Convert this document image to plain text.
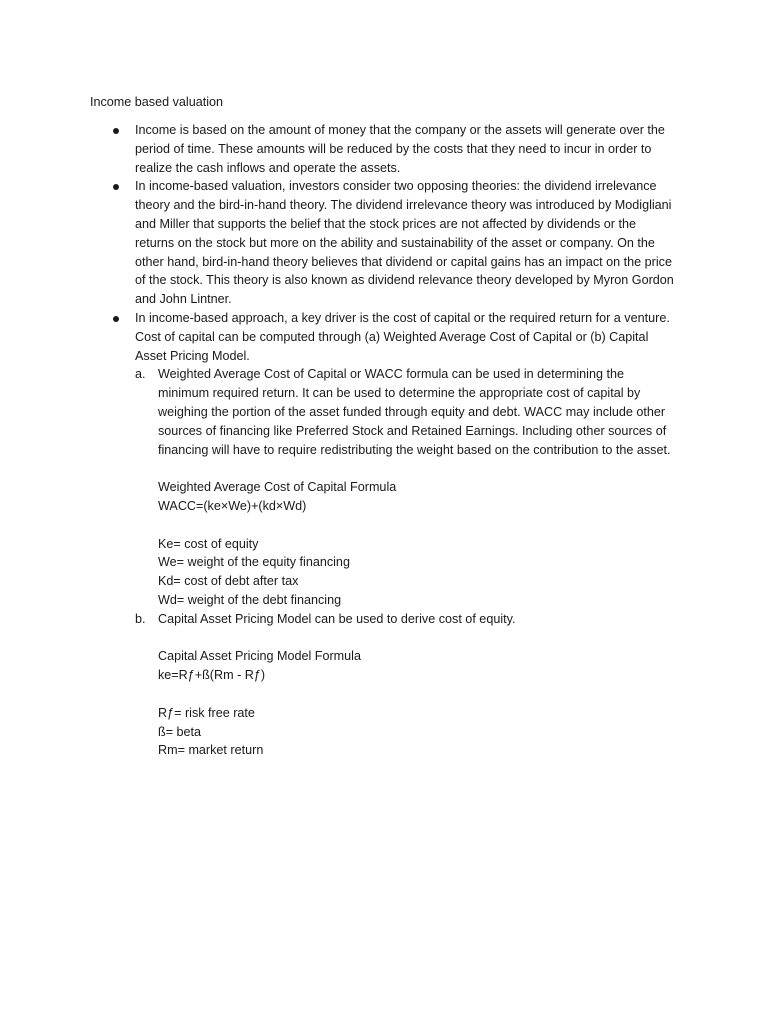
Income based valuation

Income is based on the amount of money that the company or the assets will generate over the period of time. These amounts will be reduced by the costs that they need to incur in order to realize the cash inflows and operate the assets.
In income-based valuation, investors consider two opposing theories: the dividend irrelevance theory and the bird-in-hand theory. The dividend irrelevance theory was introduced by Modigliani and Miller that supports the belief that the stock prices are not affected by dividends or the returns on the stock but more on the ability and sustainability of the asset or company. On the other hand, bird-in-hand theory believes that dividend or capital gains has an impact on the price of the stock. This theory is also known as dividend relevance theory developed by Myron Gordon and John Lintner.
In income-based approach, a key driver is the cost of capital or the required return for a venture. Cost of capital can be computed through (a) Weighted Average Cost of Capital or (b) Capital Asset Pricing Model.
a. Weighted Average Cost of Capital or WACC formula can be used in determining the minimum required return. It can be used to determine the appropriate cost of capital by weighing the portion of the asset funded through equity and debt. WACC may include other sources of financing like Preferred Stock and Retained Earnings. Including other sources of financing will have to require redistributing the weight based on the contribution to the asset.
Weighted Average Cost of Capital Formula
WACC=(ke×We)+(kd×Wd)
Ke= cost of equity
We= weight of the equity financing
Kd= cost of debt after tax
Wd= weight of the debt financing
b. Capital Asset Pricing Model can be used to derive cost of equity.
Capital Asset Pricing Model Formula
ke=Rƒ+ß(Rm - Rƒ)
Rƒ= risk free rate
ß= beta
Rm= market return
